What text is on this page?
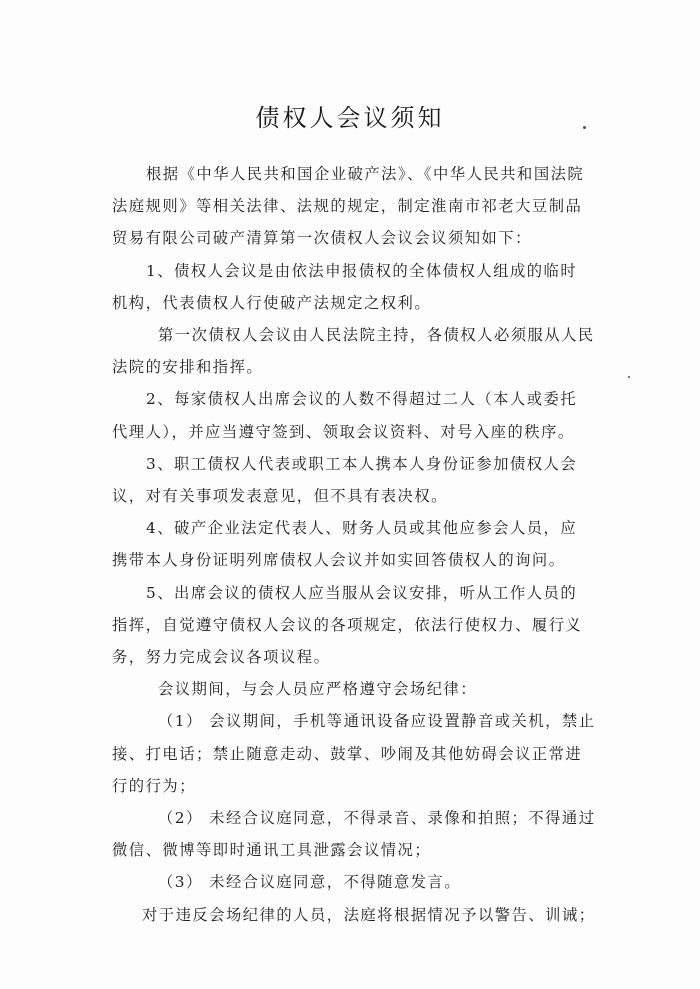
债权人会议须知

根据《中华人民共和国企业破产法》、《中华人民共和国法院
法庭规则》等相关法律、法规的规定，制定淮南市祁老大豆制品
贸易有限公司破产清算第一次债权人会议会议须知如下：

1、债权人会议是由依法申报债权的全体债权人组成的临时
机构，代表债权人行使破产法规定之权利。

第一次债权人会议由人民法院主持，各债权人必须服从人民
法院的安排和指挥。

2、每家债权人出席会议的人数不得超过二人（本人或委托
代理人），并应当遵守签到、领取会议资料、对号入座的秩序。

3、职工债权人代表或职工本人携本人身份证参加债权人会
议，对有关事项发表意见，但不具有表决权。

4、破产企业法定代表人、财务人员或其他应参会人员，应
携带本人身份证明列席债权人会议并如实回答债权人的询问。

5、出席会议的债权人应当服从会议安排，听从工作人员的
指挥，自觉遵守债权人会议的各项规定，依法行使权力、履行义
务，努力完成会议各项议程。

会议期间，与会人员应严格遵守会场纪律：

（1） 会议期间，手机等通讯设备应设置静音或关机，禁止
接、打电话；禁止随意走动、鼓掌、吵闹及其他妨碍会议正常进
行的行为；

（2） 未经合议庭同意，不得录音、录像和拍照；不得通过
微信、微博等即时通讯工具泄露会议情况；

（3） 未经合议庭同意，不得随意发言。

对于违反会场纪律的人员，法庭将根据情况予以警告、训诫；
